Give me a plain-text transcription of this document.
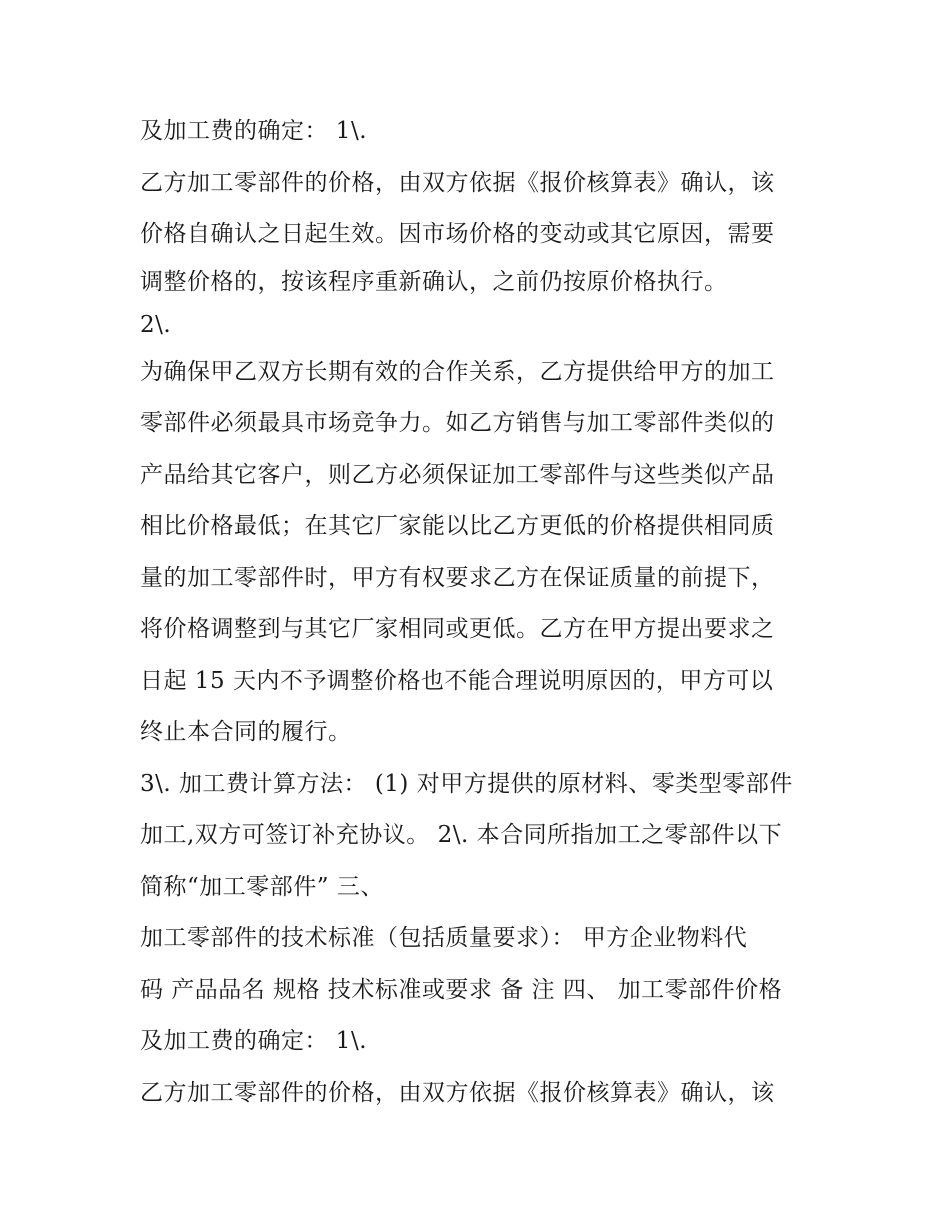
及加工费的确定： 1\.
乙方加工零部件的价格，由双方依据《报价核算表》确认，该
价格自确认之日起生效。因市场价格的变动或其它原因，需要
调整价格的，按该程序重新确认，之前仍按原价格执行。
2\.
为确保甲乙双方长期有效的合作关系，乙方提供给甲方的加工
零部件必须最具市场竞争力。如乙方销售与加工零部件类似的
产品给其它客户，则乙方必须保证加工零部件与这些类似产品
相比价格最低；在其它厂家能以比乙方更低的价格提供相同质
量的加工零部件时，甲方有权要求乙方在保证质量的前提下，
将价格调整到与其它厂家相同或更低。乙方在甲方提出要求之
日起 15 天内不予调整价格也不能合理说明原因的，甲方可以
终止本合同的履行。
3\. 加工费计算方法： (1) 对甲方提供的原材料、零类型零部件
加工,双方可签订补充协议。 2\. 本合同所指加工之零部件以下
简称“加工零部件” 三、
加工零部件的技术标准（包括质量要求）： 甲方企业物料代
码 产品品名 规格 技术标准或要求 备 注 四、 加工零部件价格
及加工费的确定： 1\.
乙方加工零部件的价格，由双方依据《报价核算表》确认，该
